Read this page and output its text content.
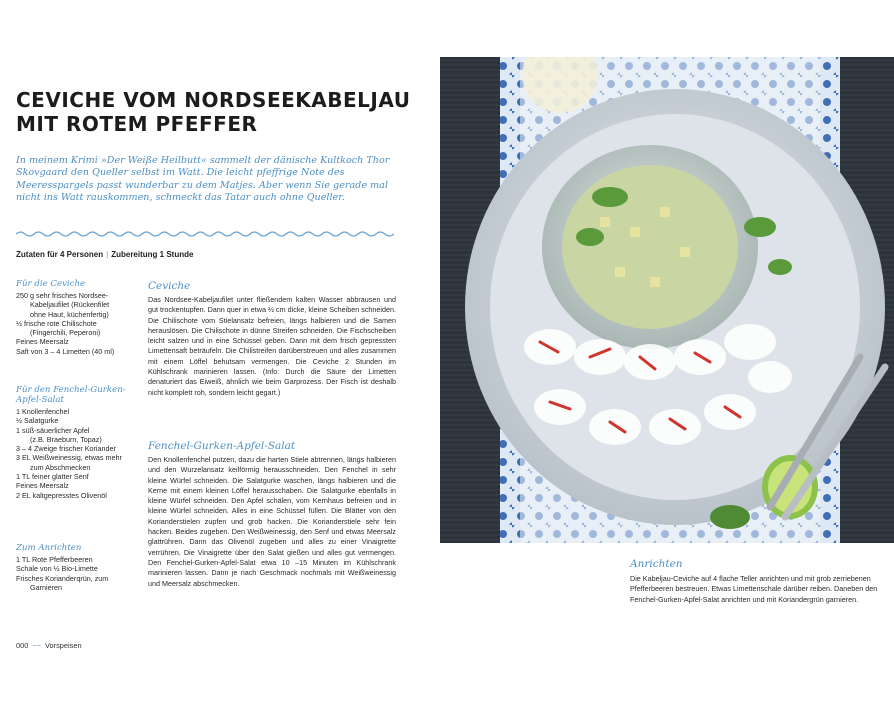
CEVICHE VOM NORDSEEKABELJAU
MIT ROTEM PFEFFER

In meinem Krimi »Der Weiße Heilbutt« sammelt der dänische Kultkoch Thor Skovgaard den Queller selbst im Watt. Die leicht pfeffrige Note des Meeresspargels passt wunderbar zu dem Matjes. Aber wenn Sie gerade mal nicht ins Watt rauskommen, schmeckt das Tatar auch ohne Queller.

Zutaten für 4 Personen | Zubereitung 1 Stunde
Für die Ceviche
250 g sehr frisches Nordsee-
Kabeljaufilet (Rückenfilet
ohne Haut, küchenfertig)
½ frische rote Chilischote
(Fingerchili, Peperoni)
Feines Meersalz
Saft von 3 – 4 Limetten (40 ml)
Für den Fenchel-Gurken-
Apfel-Salat
1 Knollenfenchel
½ Salatgurke
1 süß-säuerlicher Apfel
(z.B. Braeburn, Topaz)
3 – 4 Zweige frischer Koriander
3 EL Weißweinessig, etwas mehr
zum Abschmecken
1 TL feiner glatter Senf
Feines Meersalz
2 EL kaltgepresstes Olivenöl
Zum Anrichten
1 TL Rote Pfefferbeeren
Schale von ½ Bio-Limette
Frisches Korianderqrün, zum
Garnieren
Ceviche

Das Nordsee-Kabeljaufilet unter fließendem kalten Wasser abbrausen und gut trockentupfen. Dann quer in etwa ½ cm dicke, kleine Scheiben schneiden. Die Chilischote vom Stielansatz befreien, längs halbieren und die Samen herauslösen. Die Chilischote in dünne Streifen schneiden. Die Fischscheiben leicht salzen und in eine Schüssel geben. Dann mit dem frisch gepressten Limettensaft beträufeln. Die Chilistreifen darüberstreuen und alles zusammen mit einem Löffel behutsam vermengen. Die Ceviche 2 Stunden im Kühlschrank marinieren lassen. (Info: Durch die Säure der Limetten denaturiert das Eiweiß, ähnlich wie beim Garprozess. Der Fisch ist deshalb nicht komplett roh, sondern leicht gegart.)

Fenchel-Gurken-Apfel-Salat

Den Knollenfenchel putzen, dazu die harten Stiele abtrennen, längs halbieren und den Wurzelansatz keilförmig herausschneiden. Den Fenchel in sehr kleine Würfel schneiden. Die Salatgurke waschen, längs halbieren und die Kerne mit einem kleinen Löffel herausschaben. Die Salatgurke ebenfalls in kleine Würfel schneiden. Den Apfel schälen, vom Kernhaus befreien und in kleine Würfel schneiden. Alles in eine Schüssel füllen. Die Blätter von den Korianderstielen zupfen und grob hacken. Die Korianderstiele sehr fein hacken. Beides zugeben. Den Weißweinessig, den Senf und etwas Meersalz glattrühren. Dann das Olivenöl zugeben und alles zu einer Vinaigrette verrühren. Die Vinaigrette über den Salat gießen und alles gut vermengen. Den Fenchel-Gurken-Apfel-Salat etwa 10 –15 Minuten im Kühlschrank marinieren lassen. Dann je nach Geschmack nochmals mit Weißweinessig und Meersalz abschmecken.

000 ~~ Vorspeisen
Anrichten

Die Kabeljau-Ceviche auf 4 flache Teller anrichten und mit grob zerriebenen Pfefferbeeren bestreuen. Etwas Limettenschale darüber reiben. Daneben den Fenchel-Gurken-Apfel-Salat anrichten und mit Koriandergrün garnieren.
